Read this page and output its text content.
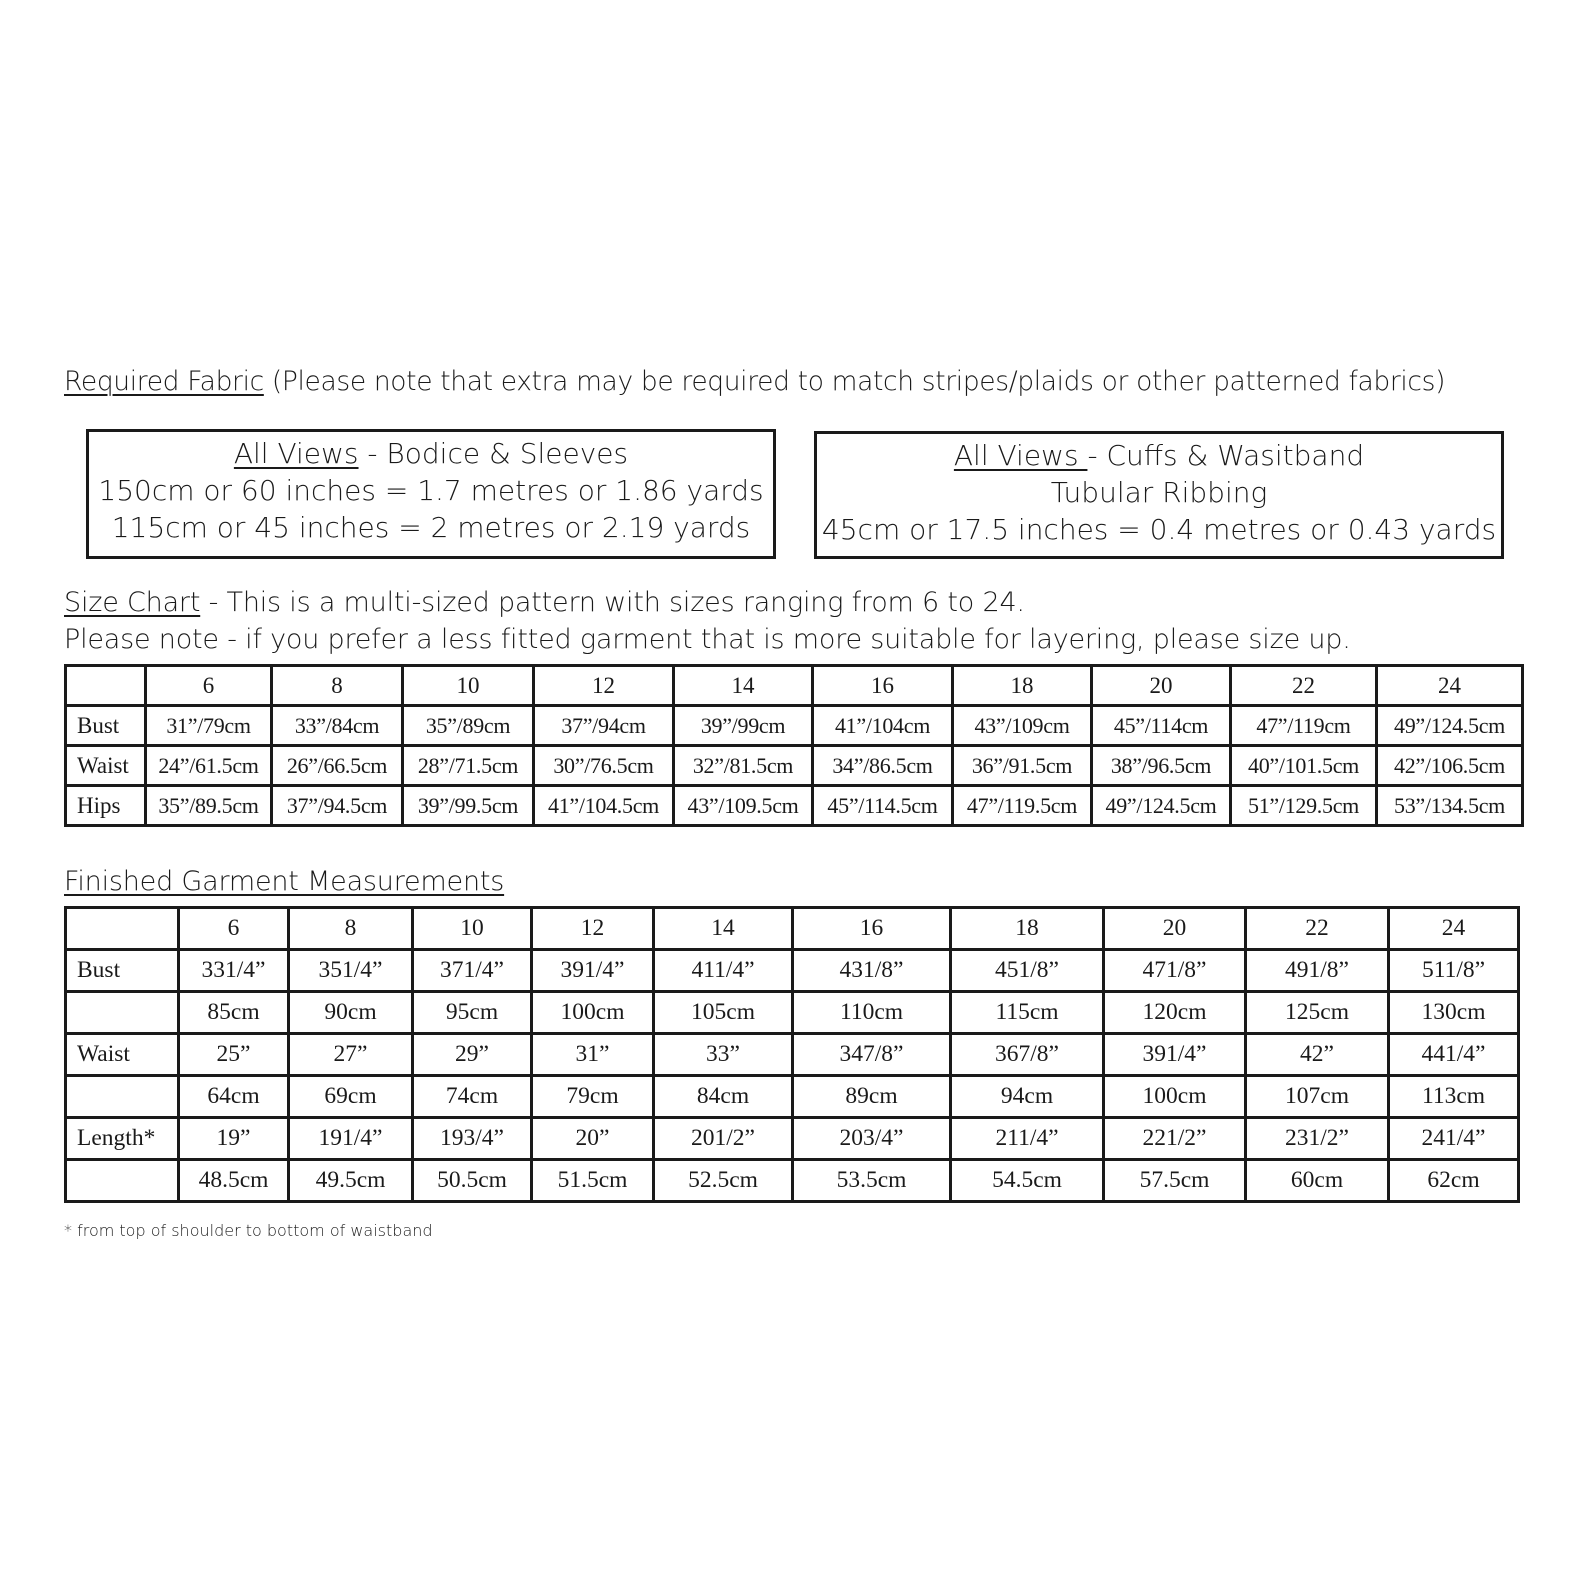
Required Fabric (Please note that extra may be required to match stripes/plaids or other patterned fabrics)
All Views - Bodice & Sleeves
150cm or 60 inches = 1.7 metres or 1.86 yards
115cm or 45 inches = 2 metres or 2.19 yards
All Views - Cuffs & Wasitband
Tubular Ribbing
45cm or 17.5 inches = 0.4 metres or 0.43 yards
Size Chart - This is a multi-sized pattern with sizes ranging from 6 to 24.
Please note - if you prefer a less fitted garment that is more suitable for layering, please size up.
	6	8	10	12	14	16	18	20	22	24
Bust	31”/79cm	33”/84cm	35”/89cm	37”/94cm	39”/99cm	41”/104cm	43”/109cm	45”/114cm	47”/119cm	49”/124.5cm
Waist	24”/61.5cm	26”/66.5cm	28”/71.5cm	30”/76.5cm	32”/81.5cm	34”/86.5cm	36”/91.5cm	38”/96.5cm	40”/101.5cm	42”/106.5cm
Hips	35”/89.5cm	37”/94.5cm	39”/99.5cm	41”/104.5cm	43”/109.5cm	45”/114.5cm	47”/119.5cm	49”/124.5cm	51”/129.5cm	53”/134.5cm
Finished Garment Measurements
	6	8	10	12	14	16	18	20	22	24
Bust	331/4”	351/4”	371/4”	391/4”	411/4”	431/8”	451/8”	471/8”	491/8”	511/8”
	85cm	90cm	95cm	100cm	105cm	110cm	115cm	120cm	125cm	130cm
Waist	25”	27”	29”	31”	33”	347/8”	367/8”	391/4”	42”	441/4”
	64cm	69cm	74cm	79cm	84cm	89cm	94cm	100cm	107cm	113cm
Length*	19”	191/4”	193/4”	20”	201/2”	203/4”	211/4”	221/2”	231/2”	241/4”
	48.5cm	49.5cm	50.5cm	51.5cm	52.5cm	53.5cm	54.5cm	57.5cm	60cm	62cm
* from top of shoulder to bottom of waistband
